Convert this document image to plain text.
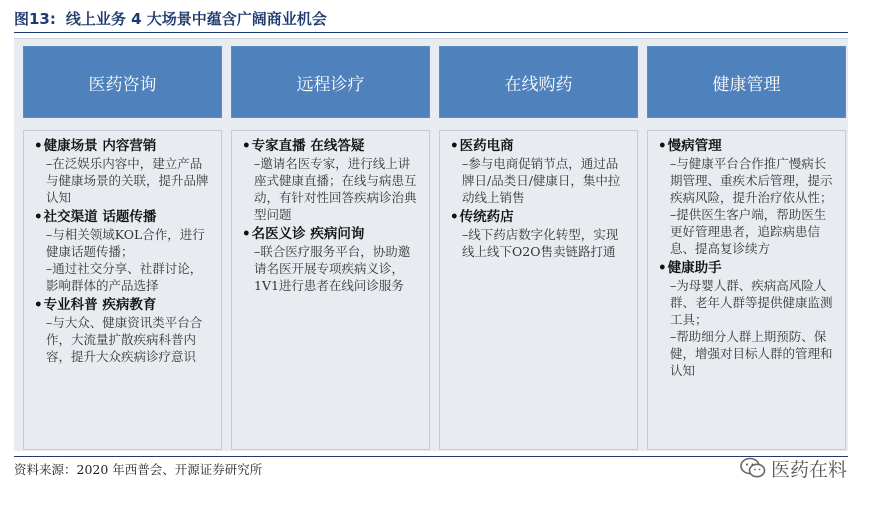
图13: 线上业务 4 大场景中蕴含广阔商业机会
医药咨询
•健康场景 内容营销
–在泛娱乐内容中，建立产品与健康场景的关联，提升品牌认知
•社交渠道 话题传播
–与相关领域KOL合作，进行健康话题传播；
–通过社交分享、社群讨论，影响群体的产品选择
•专业科普 疾病教育
–与大众、健康资讯类平台合作，大流量扩散疾病科普内容，提升大众疾病诊疗意识
远程诊疗
•专家直播 在线答疑
–邀请名医专家，进行线上讲座式健康直播；在线与病患互动，有针对性回答疾病诊治典型问题
•名医义诊 疾病问询
–联合医疗服务平台，协助邀请名医开展专项疾病义诊，1V1进行患者在线问诊服务
在线购药
•医药电商
–参与电商促销节点，通过品牌日/品类日/健康日，集中拉动线上销售
•传统药店
–线下药店数字化转型，实现线上线下O2O售卖链路打通
健康管理
•慢病管理
–与健康平台合作推广慢病长期管理、重疾术后管理，提示疾病风险，提升治疗依从性；
–提供医生客户端，帮助医生更好管理患者，追踪病患信息、提高复诊续方
•健康助手
–为母婴人群、疾病高风险人群、老年人群等提供健康监测工具；
–帮助细分人群上期预防、保健，增强对目标人群的管理和认知
资料来源：2020 年西普会、开源证券研究所	医药在料
